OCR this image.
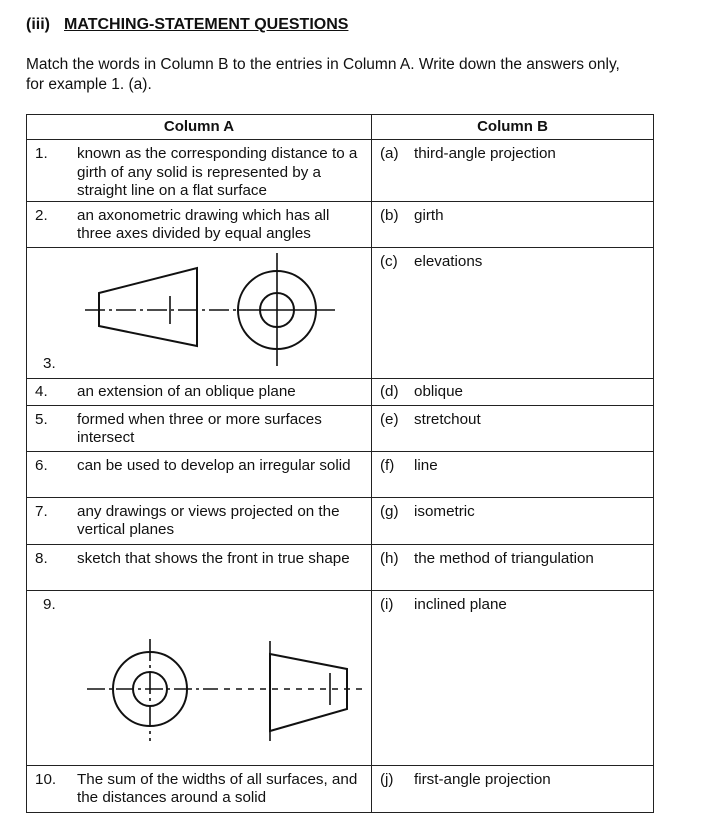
(iii) MATCHING-STATEMENT QUESTIONS
Match the words in Column B to the entries in Column A. Write down the answers only, for example 1. (a).
Column A	Column B

1. known as the corresponding distance to a girth of any solid is represented by a straight line on a flat surface	(a) third-angle projection

2. an axonometric drawing which has all three axes divided by equal angles	(b) girth

3.	(c) elevations

4. an extension of an oblique plane	(d) oblique

5. formed when three or more surfaces intersect	(e) stretchout

6. can be used to develop an irregular solid	(f) line

7. any drawings or views projected on the vertical planes	(g) isometric

8. sketch that shows the front in true shape	(h) the method of triangulation

9.	(i) inclined plane

10. The sum of the widths of all surfaces, and the distances around a solid	(j) first-angle projection
